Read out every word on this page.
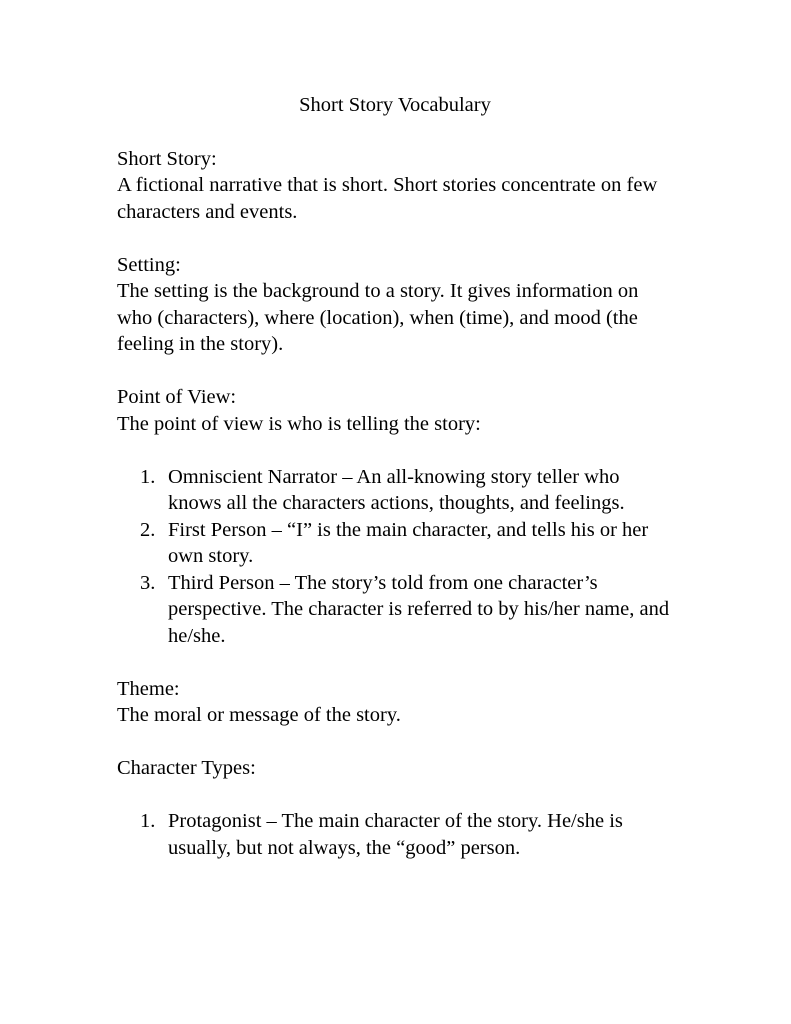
Short Story Vocabulary
Short Story:

A fictional narrative that is short. Short stories concentrate on few characters and events.

Setting:

The setting is the background to a story. It gives information on who (characters), where (location), when (time), and mood (the feeling in the story).

Point of View:

The point of view is who is telling the story:

1. Omniscient Narrator – An all-knowing story teller who knows all the characters actions, thoughts, and feelings.
2. First Person – “I” is the main character, and tells his or her own story.
3. Third Person – The story’s told from one character’s perspective. The character is referred to by his/her name, and he/she.
Theme:

The moral or message of the story.

Character Types:
1. Protagonist – The main character of the story. He/she is usually, but not always, the “good” person.
